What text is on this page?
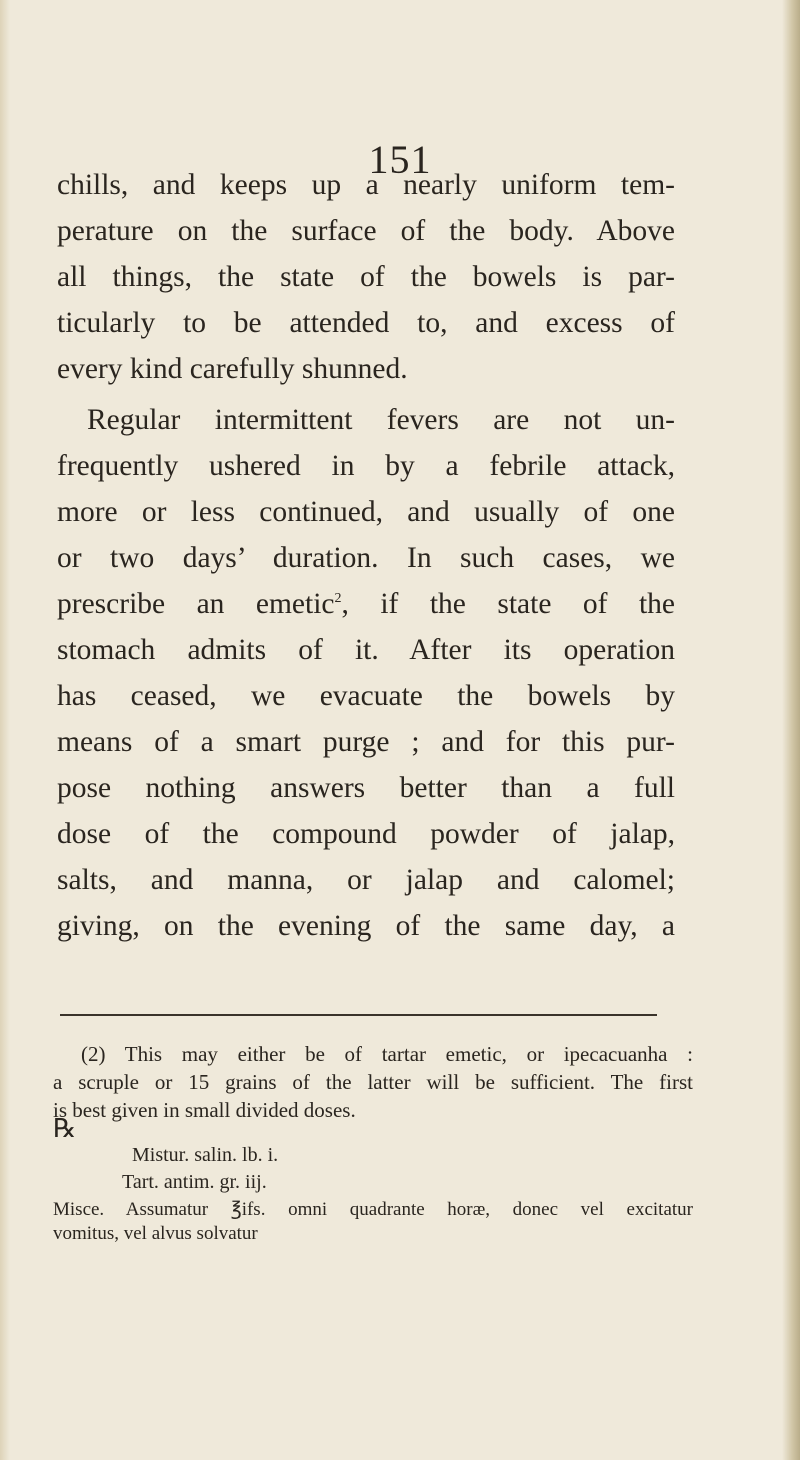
151
chills, and keeps up a nearly uniform tem-
perature on the surface of the body. Above
all things, the state of the bowels is par-
ticularly to be attended to, and excess of
every kind carefully shunned.
Regular intermittent fevers are not un-
frequently ushered in by a febrile attack,
more or less continued, and usually of one
or two days’ duration. In such cases, we
prescribe an emetic$^2$, if the state of the
stomach admits of it. After its operation
has ceased, we evacuate the bowels by
means of a smart purge ; and for this pur-
pose nothing answers better than a full
dose of the compound powder of jalap,
salts, and manna, or jalap and calomel;
giving, on the evening of the same day, a
(2) This may either be of tartar emetic, or ipecacuanha :
a scruple or 15 grains of the latter will be sufficient. The first
is best given in small divided doses.
℞
Mistur. salin. lb. i.
Tart. antim. gr. iij.
Misce. Assumatur ℥ifs. omni quadrante horæ, donec vel excitatur
vomitus, vel alvus solvatur
